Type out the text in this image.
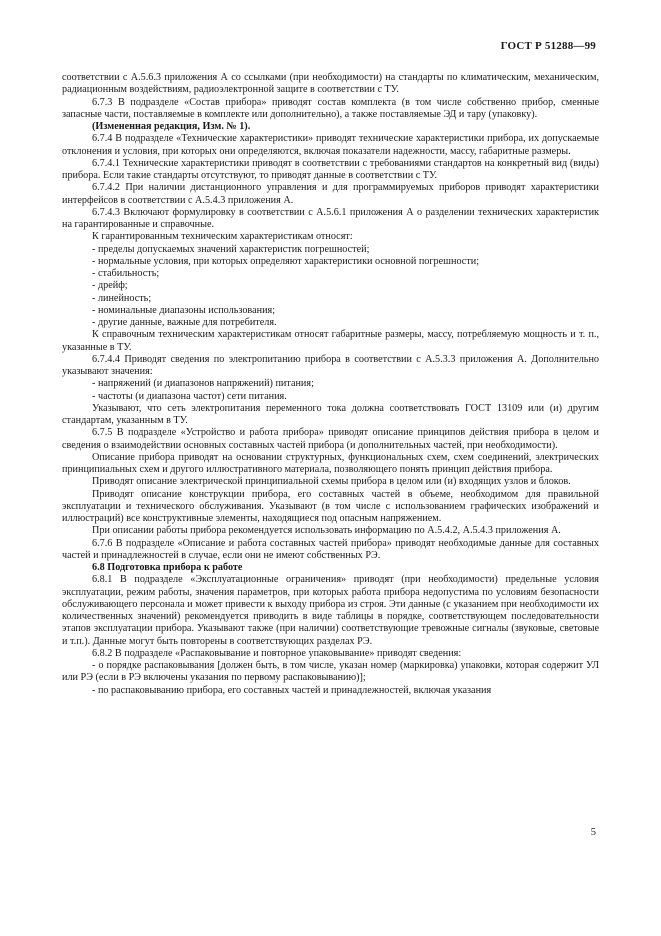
ГОСТ Р 51288—99

соответствии с А.5.6.3 приложения А со ссылками (при необходимости) на стандарты по климатическим, механическим, радиационным воздействиям, радиоэлектронной защите в соответствии с ТУ.

6.7.3 В подразделе «Состав прибора» приводят состав комплекта (в том числе собственно прибор, сменные запасные части, поставляемые в комплекте или дополнительно), а также поставляемые ЭД и тару (упаковку).

(Измененная редакция, Изм. № 1).

6.7.4 В подразделе «Технические характеристики» приводят технические характеристики прибора, их допускаемые отклонения и условия, при которых они определяются, включая показатели надежности, массу, габаритные размеры.

6.7.4.1 Технические характеристики приводят в соответствии с требованиями стандартов на конкретный вид (виды) прибора. Если такие стандарты отсутствуют, то приводят данные в соответствии с ТУ.

6.7.4.2 При наличии дистанционного управления и для программируемых приборов приводят характеристики интерфейсов в соответствии с А.5.4.3 приложения А.

6.7.4.3 Включают формулировку в соответствии с А.5.6.1 приложения А о разделении технических характеристик на гарантированные и справочные.

К гарантированным техническим характеристикам относят:

- пределы допускаемых значений характеристик погрешностей;

- нормальные условия, при которых определяют характеристики основной погрешности;

- стабильность;

- дрейф;

- линейность;

- номинальные диапазоны использования;

- другие данные, важные для потребителя.

К справочным техническим характеристикам относят габаритные размеры, массу, потребляемую мощность и т. п., указанные в ТУ.

6.7.4.4 Приводят сведения по электропитанию прибора в соответствии с А.5.3.3 приложения А. Дополнительно указывают значения:

- напряжений (и диапазонов напряжений) питания;

- частоты (и диапазона частот) сети питания.

Указывают, что сеть электропитания переменного тока должна соответствовать ГОСТ 13109 или (и) другим стандартам, указанным в ТУ.

6.7.5 В подразделе «Устройство и работа прибора» приводят описание принципов действия прибора в целом и сведения о взаимодействии основных составных частей прибора (и дополнительных частей, при необходимости).

Описание прибора приводят на основании структурных, функциональных схем, схем соединений, электрических принципиальных схем и другого иллюстративного материала, позволяющего понять принцип действия прибора.

Приводят описание электрической принципиальной схемы прибора в целом или (и) входящих узлов и блоков.

Приводят описание конструкции прибора, его составных частей в объеме, необходимом для правильной эксплуатации и технического обслуживания. Указывают (в том числе с использованием графических изображений и иллюстраций) все конструктивные элементы, находящиеся под опасным напряжением.

При описании работы прибора рекомендуется использовать информацию по А.5.4.2, А.5.4.3 приложения А.

6.7.6 В подразделе «Описание и работа составных частей прибора» приводят необходимые данные для составных частей и принадлежностей в случае, если они не имеют собственных РЭ.

6.8 Подготовка прибора к работе

6.8.1 В подразделе «Эксплуатационные ограничения» приводят (при необходимости) предельные условия эксплуатации, режим работы, значения параметров, при которых работа прибора недопустима по условиям безопасности обслуживающего персонала и может привести к выходу прибора из строя. Эти данные (с указанием при необходимости их количественных значений) рекомендуется приводить в виде таблицы в порядке, соответствующем последовательности этапов эксплуатации прибора. Указывают также (при наличии) соответствующие тревожные сигналы (звуковые, световые и т.п.). Данные могут быть повторены в соответствующих разделах РЭ.

6.8.2 В подразделе «Распаковывание и повторное упаковывание» приводят сведения:

- о порядке распаковывания [должен быть, в том числе, указан номер (маркировка) упаковки, которая содержит УЛ или РЭ (если в РЭ включены указания по первому распаковыванию)];

- по распаковыванию прибора, его составных частей и принадлежностей, включая указания

5
